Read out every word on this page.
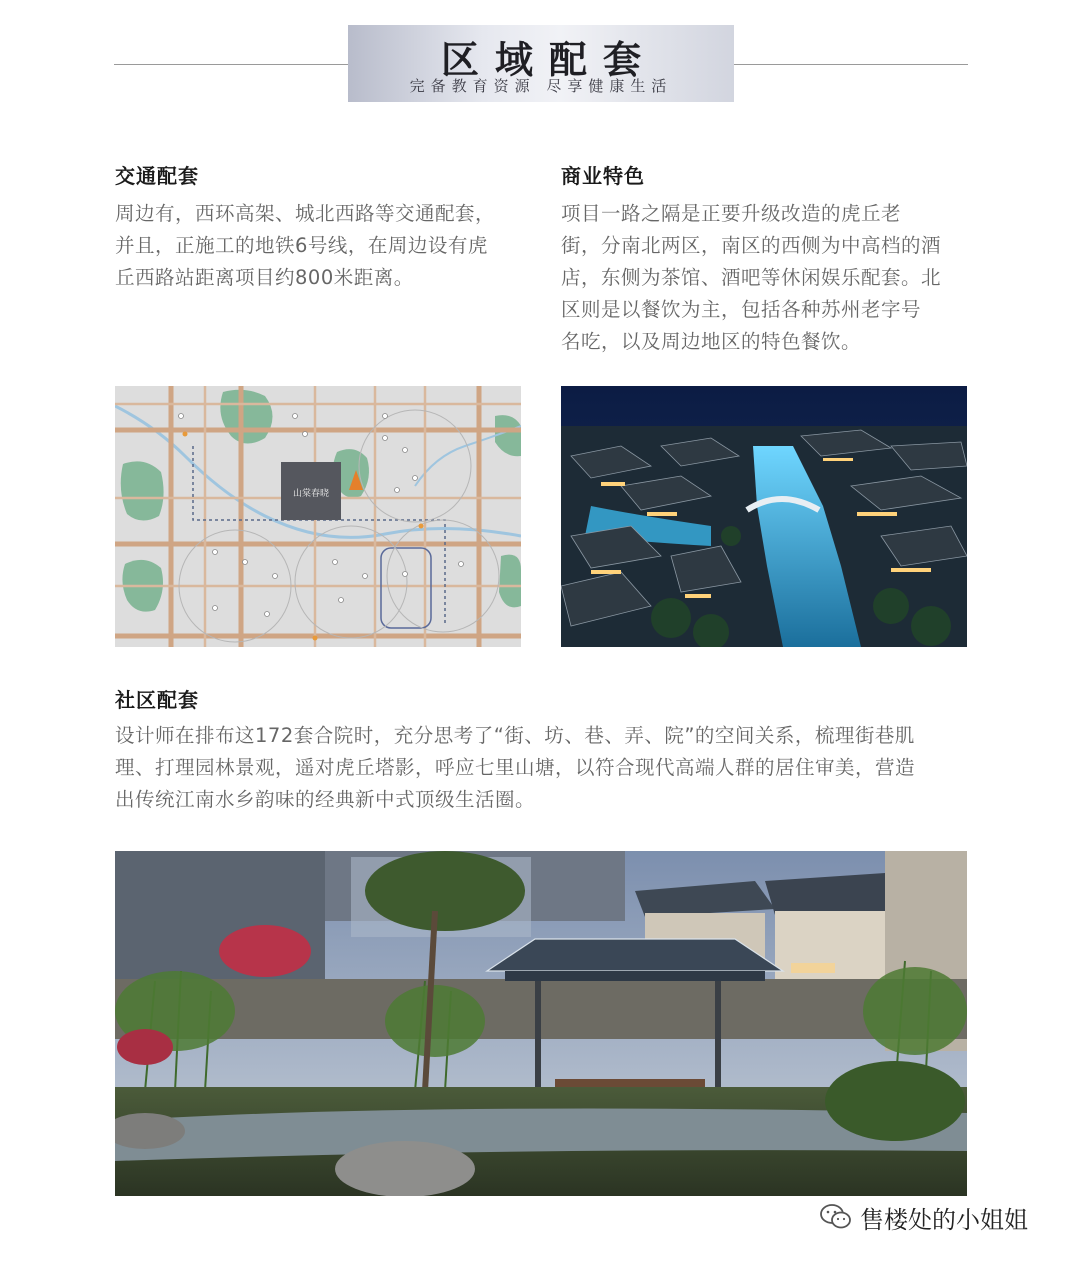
区域配套
完备教育资源 尽享健康生活
交通配套
周边有，西环高架、城北西路等交通配套，
并且，正施工的地铁6号线，在周边设有虎
丘西路站距离项目约800米距离。
商业特色
项目一路之隔是正要升级改造的虎丘老
街，分南北两区，南区的西侧为中高档的酒
店，东侧为茶馆、酒吧等休闲娱乐配套。北
区则是以餐饮为主，包括各种苏州老字号
名吃，以及周边地区的特色餐饮。
山棠春晓
社区配套
设计师在排布这172套合院时，充分思考了“街、坊、巷、弄、院”的空间关系，梳理街巷肌
理、打理园林景观，遥对虎丘塔影，呼应七里山塘，以符合现代高端人群的居住审美，营造
出传统江南水乡韵味的经典新中式顶级生活圈。
售楼处的小姐姐
